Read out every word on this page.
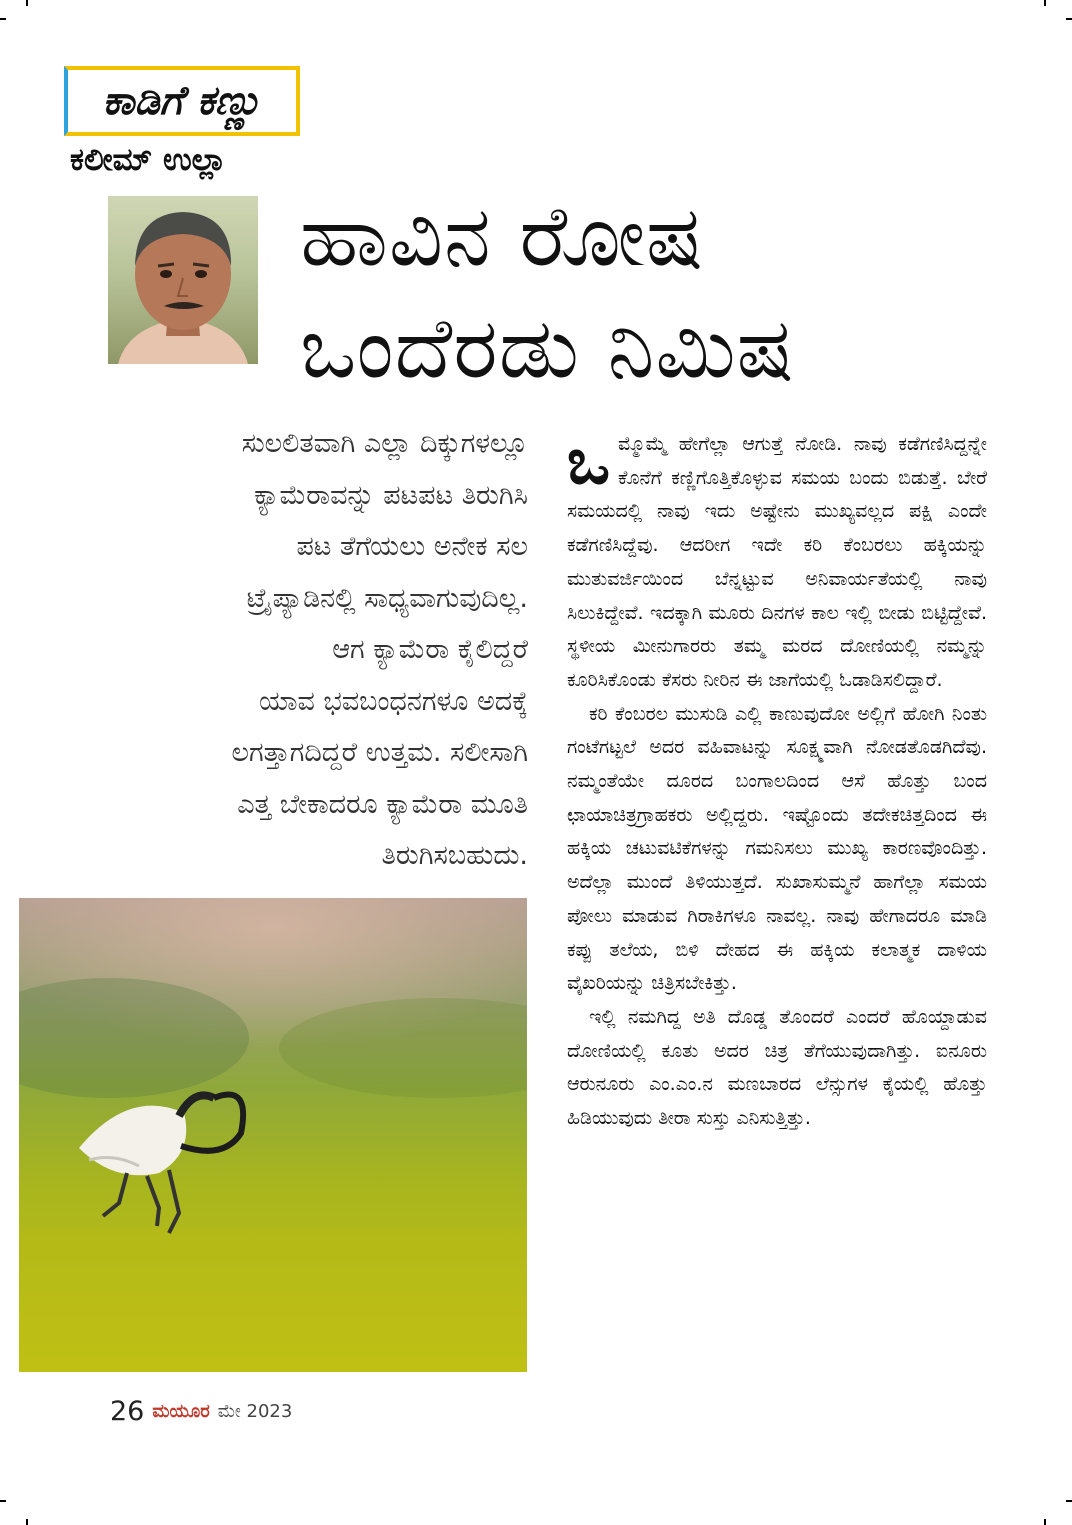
ಕಾಡಿಗೆ ಕಣ್ಣು
ಕಲೀಮ್ ಉಲ್ಲಾ
ಹಾವಿನ ರೋಷ
ಒಂದೆರಡು ನಿಮಿಷ
ಸುಲಲಿತವಾಗಿ ಎಲ್ಲಾ ದಿಕ್ಕುಗಳಲ್ಲೂ
ಕ್ಯಾಮೆರಾವನ್ನು ಪಟಪಟ ತಿರುಗಿಸಿ
ಪಟ ತೆಗೆಯಲು ಅನೇಕ ಸಲ
ಟ್ರೈಪ್ಯಾಡಿನಲ್ಲಿ ಸಾಧ್ಯವಾಗುವುದಿಲ್ಲ.
ಆಗ ಕ್ಯಾಮೆರಾ ಕೈಲಿದ್ದರೆ
ಯಾವ ಭವಬಂಧನಗಳೂ ಅದಕ್ಕೆ
ಲಗತ್ತಾಗದಿದ್ದರೆ ಉತ್ತಮ. ಸಲೀಸಾಗಿ
ಎತ್ತ ಬೇಕಾದರೂ ಕ್ಯಾಮೆರಾ ಮೂತಿ
ತಿರುಗಿಸಬಹುದು.

ಒಮ್ಮೊಮ್ಮೆ ಹೇಗೆಲ್ಲಾ ಆಗುತ್ತೆ ನೋಡಿ. ನಾವು ಕಡೆಗಣಿಸಿದ್ದನ್ನೇ ಕೊನೆಗೆ ಕಣ್ಣಿಗೊತ್ತಿಕೊಳ್ಳುವ ಸಮಯ ಬಂದು ಬಿಡುತ್ತೆ. ಬೇರೆ ಸಮಯದಲ್ಲಿ ನಾವು ಇದು ಅಷ್ಟೇನು ಮುಖ್ಯವಲ್ಲದ ಪಕ್ಷಿ ಎಂದೇ ಕಡೆಗಣಿಸಿದ್ದೆವು. ಆದರೀಗ ಇದೇ ಕರಿ ಕೆಂಬರಲು ಹಕ್ಕಿಯನ್ನು ಮುತುವರ್ಜಿಯಿಂದ ಬೆನ್ನಟ್ಟುವ ಅನಿವಾರ್ಯತೆಯಲ್ಲಿ ನಾವು ಸಿಲುಕಿದ್ದೇವೆ. ಇದಕ್ಕಾಗಿ ಮೂರು ದಿನಗಳ ಕಾಲ ಇಲ್ಲಿ ಬೀಡು ಬಿಟ್ಟಿದ್ದೇವೆ. ಸ್ಥಳೀಯ ಮೀನುಗಾರರು ತಮ್ಮ ಮರದ ದೋಣಿಯಲ್ಲಿ ನಮ್ಮನ್ನು ಕೂರಿಸಿಕೊಂಡು ಕೆಸರು ನೀರಿನ ಈ ಜಾಗೆಯಲ್ಲಿ ಓಡಾಡಿಸಲಿದ್ದಾರೆ.

ಕರಿ ಕೆಂಬರಲ ಮುಸುಡಿ ಎಲ್ಲಿ ಕಾಣುವುದೋ ಅಲ್ಲಿಗೆ ಹೋಗಿ ನಿಂತು ಗಂಟೆಗಟ್ಟಲೆ ಅದರ ವಹಿವಾಟನ್ನು ಸೂಕ್ಷ್ಮವಾಗಿ ನೋಡತೊಡಗಿದೆವು. ನಮ್ಮಂತೆಯೇ ದೂರದ ಬಂಗಾಲದಿಂದ ಆಸೆ ಹೊತ್ತು ಬಂದ ಛಾಯಾಚಿತ್ರಗ್ರಾಹಕರು ಅಲ್ಲಿದ್ದರು. ಇಷ್ಟೊಂದು ತದೇಕಚಿತ್ತದಿಂದ ಈ ಹಕ್ಕಿಯ ಚಟುವಟಿಕೆಗಳನ್ನು ಗಮನಿಸಲು ಮುಖ್ಯ ಕಾರಣವೊಂದಿತ್ತು. ಅದೆಲ್ಲಾ ಮುಂದೆ ತಿಳಿಯುತ್ತದೆ. ಸುಖಾಸುಮ್ಮನೆ ಹಾಗೆಲ್ಲಾ ಸಮಯ ಪೋಲು ಮಾಡುವ ಗಿರಾಕಿಗಳೂ ನಾವಲ್ಲ. ನಾವು ಹೇಗಾದರೂ ಮಾಡಿ ಕಪ್ಪು ತಲೆಯ, ಬಿಳಿ ದೇಹದ ಈ ಹಕ್ಕಿಯ ಕಲಾತ್ಮಕ ದಾಳಿಯ ವೈಖರಿಯನ್ನು ಚಿತ್ರಿಸಬೇಕಿತ್ತು.

ಇಲ್ಲಿ ನಮಗಿದ್ದ ಅತಿ ದೊಡ್ಡ ತೊಂದರೆ ಎಂದರೆ ಹೊಯ್ದಾಡುವ ದೋಣಿಯಲ್ಲಿ ಕೂತು ಅದರ ಚಿತ್ರ ತೆಗೆಯುವುದಾಗಿತ್ತು. ಐನೂರು ಆರುನೂರು ಎಂ.ಎಂ.ನ ಮಣಬಾರದ ಲೆನ್ಸುಗಳ ಕೈಯಲ್ಲಿ ಹೊತ್ತು ಹಿಡಿಯುವುದು ತೀರಾ ಸುಸ್ತು ಎನಿಸುತ್ತಿತ್ತು.

26 ಮಯೂರ ಮೇ 2023
